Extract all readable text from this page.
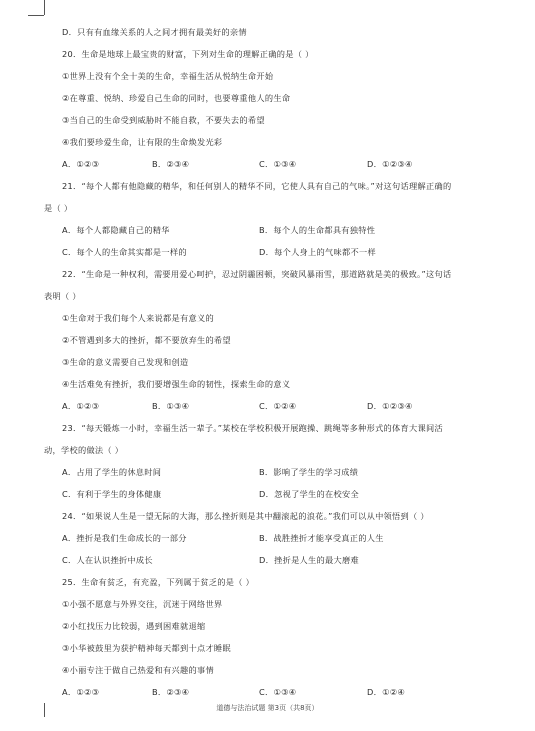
D．只有有血缘关系的人之间才拥有最美好的亲情
20．生命是地球上最宝贵的财富，下列对生命的理解正确的是（ ）
①世界上没有个全十美的生命，幸福生活从悦纳生命开始
②在尊重、悦纳、珍爱自己生命的同时，也要尊重他人的生命
③当自己的生命受到威胁时不能自救，不要失去的希望
④我们要珍爱生命，让有限的生命焕发光彩
A．①②③	B．②③④	C．①③④	D．①②③④
21．“每个人都有他隐藏的精华，和任何别人的精华不同，它使人具有自己的气味。”对这句话理解正确的
是（ ）
A．每个人都隐藏自己的精华	B．每个人的生命都具有独特性
C．每个人的生命其实都是一样的	D．每个人身上的气味都不一样
22．“生命是一种权利，需要用爱心呵护，忍过阴霾困顿，突破风暴雨雪，那道路就是美的极致。”这句话
表明（ ）
①生命对于我们每个人来说都是有意义的
②不管遇到多大的挫折，都不要放弃生的希望
③生命的意义需要自己发现和创造
④生活难免有挫折，我们要增强生命的韧性，探索生命的意义
A．①②③	B．①③④	C．①②④	D．①②③④
23．“每天锻炼一小时，幸福生活一辈子。”某校在学校积极开展跑操、跳绳等多种形式的体育大课间活
动，学校的做法（ ）
A．占用了学生的休息时间	B．影响了学生的学习成绩
C．有利于学生的身体健康	D．忽视了学生的在校安全
24．“如果说人生是一望无际的大海，那么挫折则是其中翻滚起的浪花。”我们可以从中领悟到（ ）
A．挫折是我们生命成长的一部分	B．战胜挫折才能享受真正的人生
C．人在认识挫折中成长	D．挫折是人生的最大磨难
25．生命有贫乏，有充盈，下列属于贫乏的是（ ）
①小强不愿意与外界交往，沉迷于网络世界
②小红找压力比较弱，遇到困难就退缩
③小华被鼓里为获护精神每天都到十点才睡眠
④小丽专注于做自己热爱和有兴趣的事情
A．①②③	B．②③④	C．①③④	D．①②④
道德与法治试题 第3页（共8页）
